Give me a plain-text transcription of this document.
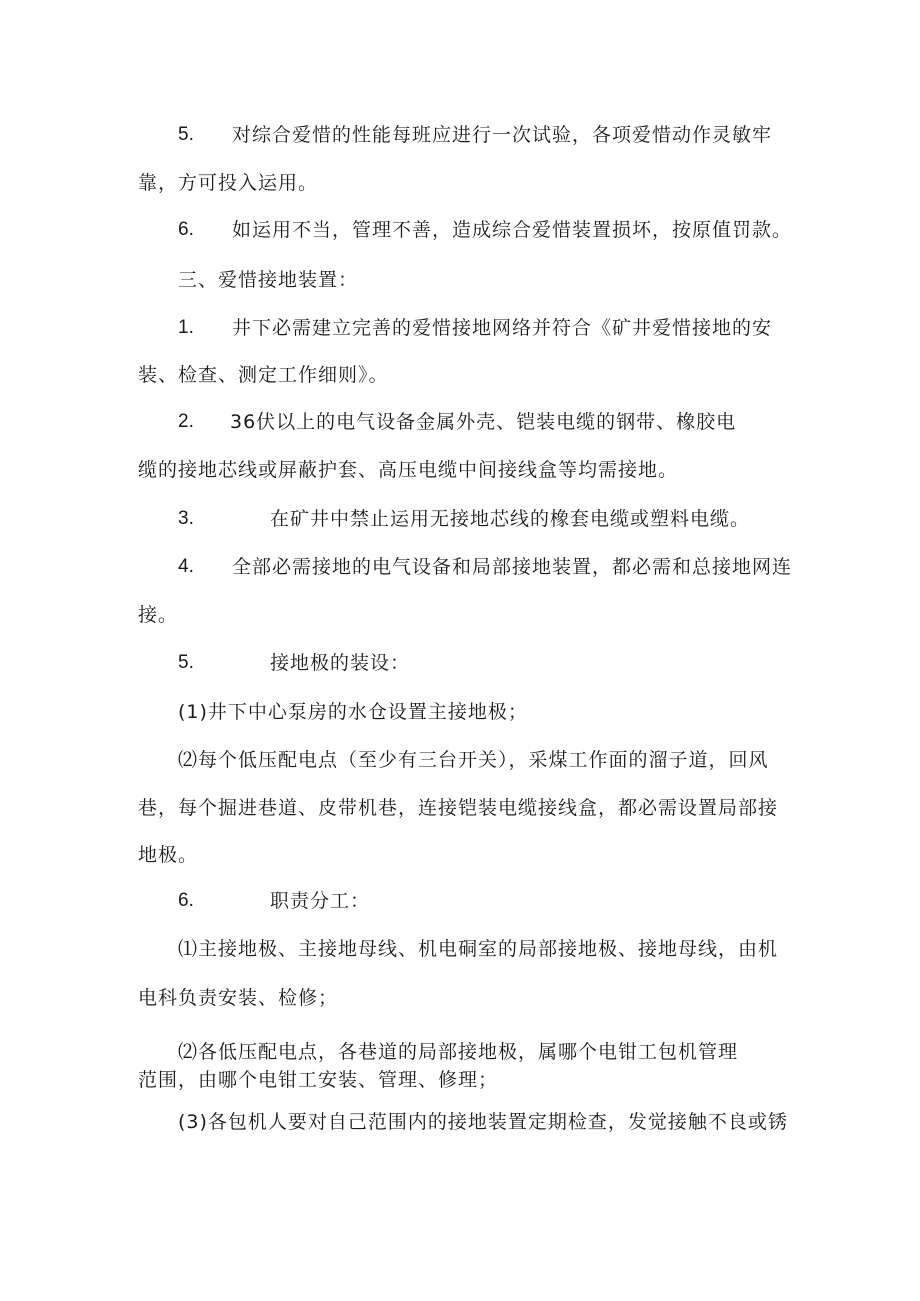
5. 对综合爱惜的性能每班应进行一次试验，各项爱惜动作灵敏牢
靠，方可投入运用。
6. 如运用不当，管理不善，造成综合爱惜装置损坏，按原值罚款。
三、爱惜接地装置：
1. 井下必需建立完善的爱惜接地网络并符合《矿井爱惜接地的安
装、检查、测定工作细则》。
2. 36伏以上的电气设备金属外壳、铠装电缆的钢带、橡胶电
缆的接地芯线或屏蔽护套、高压电缆中间接线盒等均需接地。
3.	在矿井中禁止运用无接地芯线的橡套电缆或塑料电缆。
4. 全部必需接地的电气设备和局部接地装置，都必需和总接地网连
接。
5.	接地极的装设：
(1)井下中心泵房的水仓设置主接地极；
⑵每个低压配电点（至少有三台开关），采煤工作面的溜子道，回风
巷，每个掘进巷道、皮带机巷，连接铠装电缆接线盒，都必需设置局部接
地极。
6.	职责分工：
⑴主接地极、主接地母线、机电硐室的局部接地极、接地母线，由机
电科负责安装、检修；
⑵各低压配电点，各巷道的局部接地极，属哪个电钳工包机管理
范围，由哪个电钳工安装、管理、修理；
(3)各包机人要对自己范围内的接地装置定期检查，发觉接触不良或锈
